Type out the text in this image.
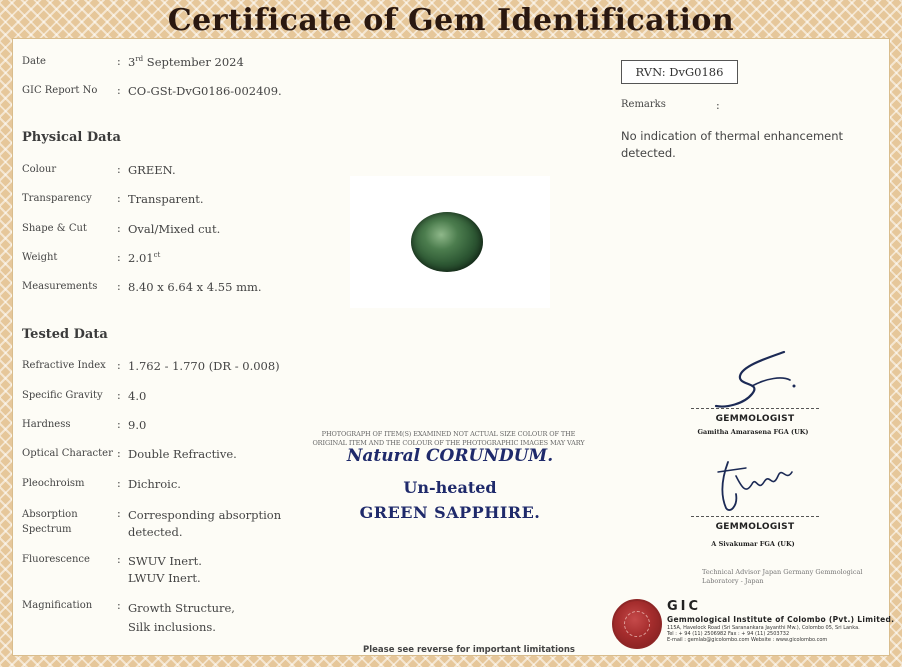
Certificate of Gem Identification
Date	: 3rd September 2024
GIC Report No : CO-GSt-DvG0186-002409.
Physical Data
Colour	: GREEN.
Transparency : Transparent.
Shape & Cut	: Oval/Mixed cut.
Weight	: $2.01^{ct}$
Measurements : 8.40 x 6.64 x 4.55 mm.
Tested Data
Refractive Index : 1.762 - 1.770 (DR - 0.008)
Specific Gravity : 4.0
Hardness	: 9.0
Optical Character : Double Refractive.
Pleochroism	: Dichroic.
Absorption
Spectrum
: Corresponding absorption
detected.
Fluorescence : SWUV Inert.
LWUV Inert.
Magnification : Growth Structure,
Silk inclusions.
PHOTOGRAPH OF ITEM(S) EXAMINED NOT ACTUAL SIZE COLOUR OF THE
ORIGINAL ITEM AND THE COLOUR OF THE PHOTOGRAPHIC IMAGES MAY VARY
Natural CORUNDUM.
Un-heated
GREEN SAPPHIRE.
RVN: DvG0186
Remarks	:
No indication of thermal enhancement detected.
GEMMOLOGIST
Gamitha Amarasena FGA (UK)
GEMMOLOGIST
A Sivakumar FGA (UK)
Technical Advisor Japan Germany Gemmological Laboratory - Japan
GIC
Gemmological Institute of Colombo (Pvt.) Limited.
115A, Havelock Road (Sri Saranankara Jayanthi Mw.), Colombo 05, Sri Lanka.
Tel : + 94 (11) 2506982 Fax : + 94 (11) 2503732
E-mail : gemlab@gicolombo.com Website : www.gicolombo.com
Please see reverse for important limitations
